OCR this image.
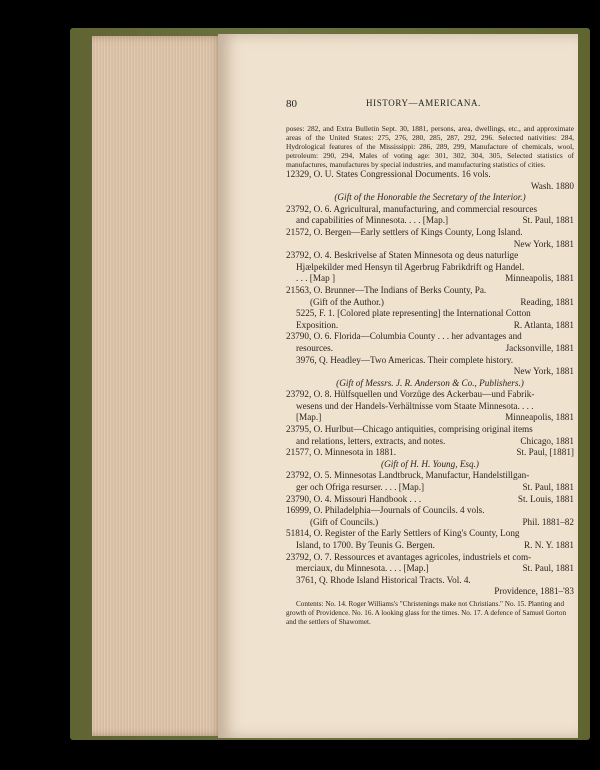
80	HISTORY—AMERICANA.
poses: 282, and Extra Bulletin Sept. 30, 1881, persons, area, dwellings, etc., and approximate areas of the United States: 275, 276, 280, 285, 287, 292, 296. Selected nativities: 284, Hydrological features of the Mississippi: 286, 289, 299, Manufacture of chemicals, wool, petroleum: 290, 294, Males of voting age: 301, 302, 304, 305, Selected statistics of manufactures, manufactures by special industries, and manufacturing statistics of cities.
12329, O. U. States Congressional Documents. 16 vols.
Wash. 1880
(Gift of the Honorable the Secretary of the Interior.)
23792, O. 6. Agricultural, manufacturing, and commercial resources
and capabilities of Minnesota. . . . [Map.]	St. Paul, 1881
21572, O. Bergen—Early settlers of Kings County, Long Island.
New York, 1881
23792, O. 4. Beskrivelse af Staten Minnesota og deus naturlige
Hjælpekilder med Hensyn til Agerbrug Fabrikdrift og Handel.
. . . [Map ]	Minneapolis, 1881
21563, O. Brunner—The Indians of Berks County, Pa.
(Gift of the Author.)	Reading, 1881
5225, F. 1. [Colored plate representing] the International Cotton
Exposition.	R. Atlanta, 1881
23790, O. 6. Florida—Columbia County . . . her advantages and
resources.	Jacksonville, 1881
3976, Q. Headley—Two Americas. Their complete history.
New York, 1881
(Gift of Messrs. J. R. Anderson & Co., Publishers.)
23792, O. 8. Hülfsquellen und Vorzüge des Ackerbau—und Fabrik-
wesens und der Handels-Verhältnisse vom Staate Minnesota. . . .
[Map.]	Minneapolis, 1881
23795, O. Hurlbut—Chicago antiquities, comprising original items
and relations, letters, extracts, and notes.	Chicago, 1881
21577, O. Minnesota in 1881.	St. Paul, [1881]
(Gift of H. H. Young, Esq.)
23792, O. 5. Minnesotas Landtbruck, Manufactur, Handelstillgan-
ger och Ofriga resurser. . . . [Map.]	St. Paul, 1881
23790, O. 4. Missouri Handbook . . .	St. Louis, 1881
16999, O. Philadelphia—Journals of Councils. 4 vols.
(Gift of Councils.)	Phil. 1881–82
51814, O. Register of the Early Settlers of King's County, Long
Island, to 1700. By Teunis G. Bergen.	R. N. Y. 1881
23792, O. 7. Ressources et avantages agricoles, industriels et com-
merciaux, du Minnesota. . . . [Map.]	St. Paul, 1881
3761, Q. Rhode Island Historical Tracts. Vol. 4.
Providence, 1881–'83
Contents: No. 14. Roger Williams's "Christenings make not Christians." No. 15. Planting and growth of Providence. No. 16. A looking glass for the times. No. 17. A defence of Samuel Gorton and the settlers of Shawomet.
